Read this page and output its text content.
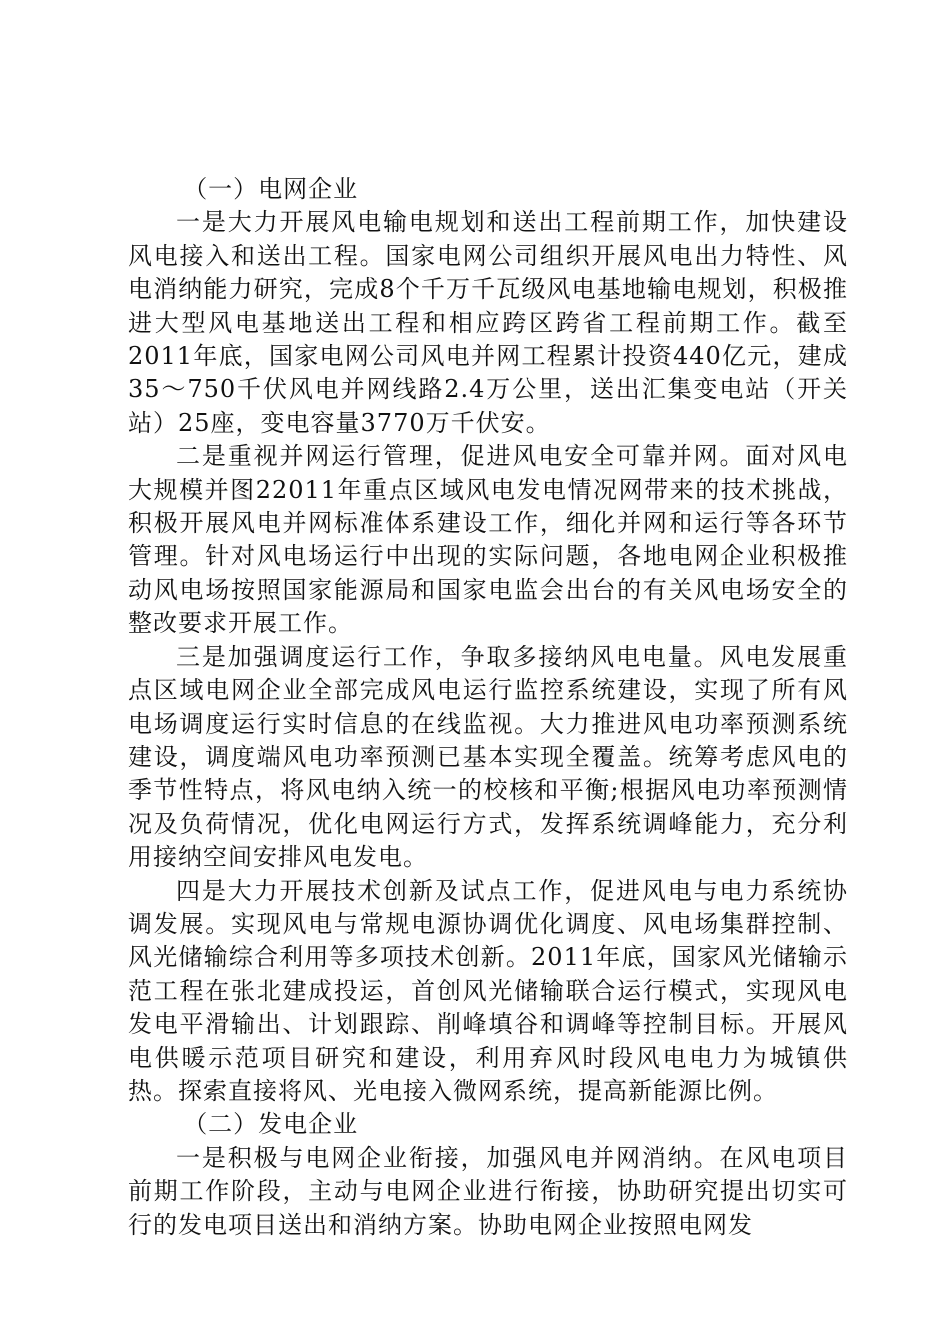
（一）电网企业

一是大力开展风电输电规划和送出工程前期工作，加快建设风电接入和送出工程。国家电网公司组织开展风电出力特性、风电消纳能力研究，完成8个千万千瓦级风电基地输电规划，积极推进大型风电基地送出工程和相应跨区跨省工程前期工作。截至2011年底，国家电网公司风电并网工程累计投资440亿元，建成35～750千伏风电并网线路2.4万公里，送出汇集变电站（开关站）25座，变电容量3770万千伏安。

二是重视并网运行管理，促进风电安全可靠并网。面对风电大规模并图22011年重点区域风电发电情况网带来的技术挑战，积极开展风电并网标准体系建设工作，细化并网和运行等各环节管理。针对风电场运行中出现的实际问题，各地电网企业积极推动风电场按照国家能源局和国家电监会出台的有关风电场安全的整改要求开展工作。

三是加强调度运行工作，争取多接纳风电电量。风电发展重点区域电网企业全部完成风电运行监控系统建设，实现了所有风电场调度运行实时信息的在线监视。大力推进风电功率预测系统建设，调度端风电功率预测已基本实现全覆盖。统筹考虑风电的季节性特点，将风电纳入统一的校核和平衡;根据风电功率预测情况及负荷情况，优化电网运行方式，发挥系统调峰能力，充分利用接纳空间安排风电发电。

四是大力开展技术创新及试点工作，促进风电与电力系统协调发展。实现风电与常规电源协调优化调度、风电场集群控制、风光储输综合利用等多项技术创新。2011年底，国家风光储输示范工程在张北建成投运，首创风光储输联合运行模式，实现风电发电平滑输出、计划跟踪、削峰填谷和调峰等控制目标。开展风电供暖示范项目研究和建设，利用弃风时段风电电力为城镇供热。探索直接将风、光电接入微网系统，提高新能源比例。

（二）发电企业

一是积极与电网企业衔接，加强风电并网消纳。在风电项目前期工作阶段，主动与电网企业进行衔接，协助研究提出切实可行的发电项目送出和消纳方案。协助电网企业按照电网发
